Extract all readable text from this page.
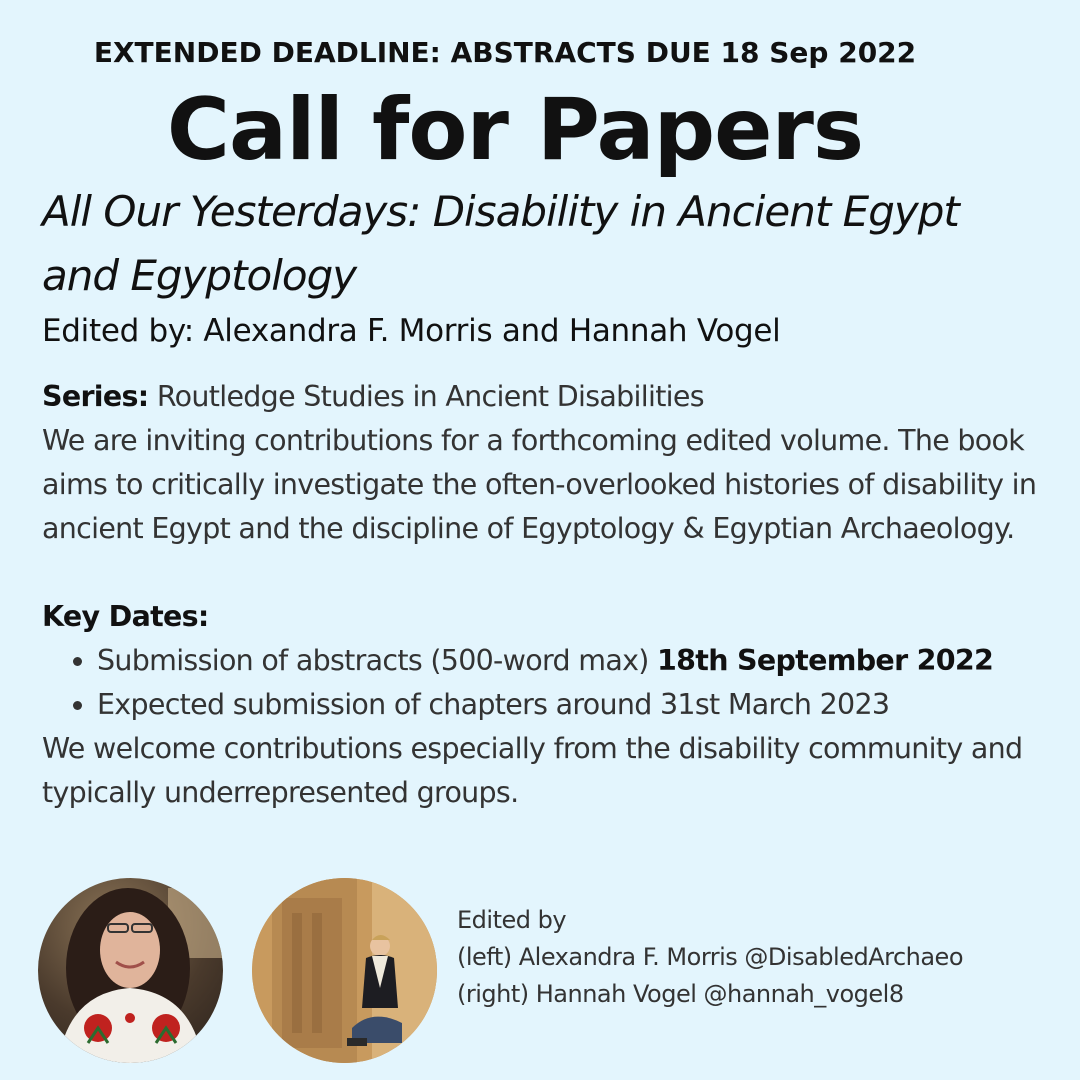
EXTENDED DEADLINE: ABSTRACTS DUE 18 Sep 2022
Call for Papers
All Our Yesterdays: Disability in Ancient Egypt and Egyptology
Edited by: Alexandra F. Morris and Hannah Vogel
Series: Routledge Studies in Ancient Disabilities

We are inviting contributions for a forthcoming edited volume. The book aims to critically investigate the often-overlooked histories of disability in ancient Egypt and the discipline of Egyptology & Egyptian Archaeology.

Key Dates:
• Submission of abstracts (500-word max) 18th September 2022
• Expected submission of chapters around 31st March 2023

We welcome contributions especially from the disability community and typically underrepresented groups.

Edited by
(left) Alexandra F. Morris @DisabledArchaeo
(right) Hannah Vogel @hannah_vogel8
